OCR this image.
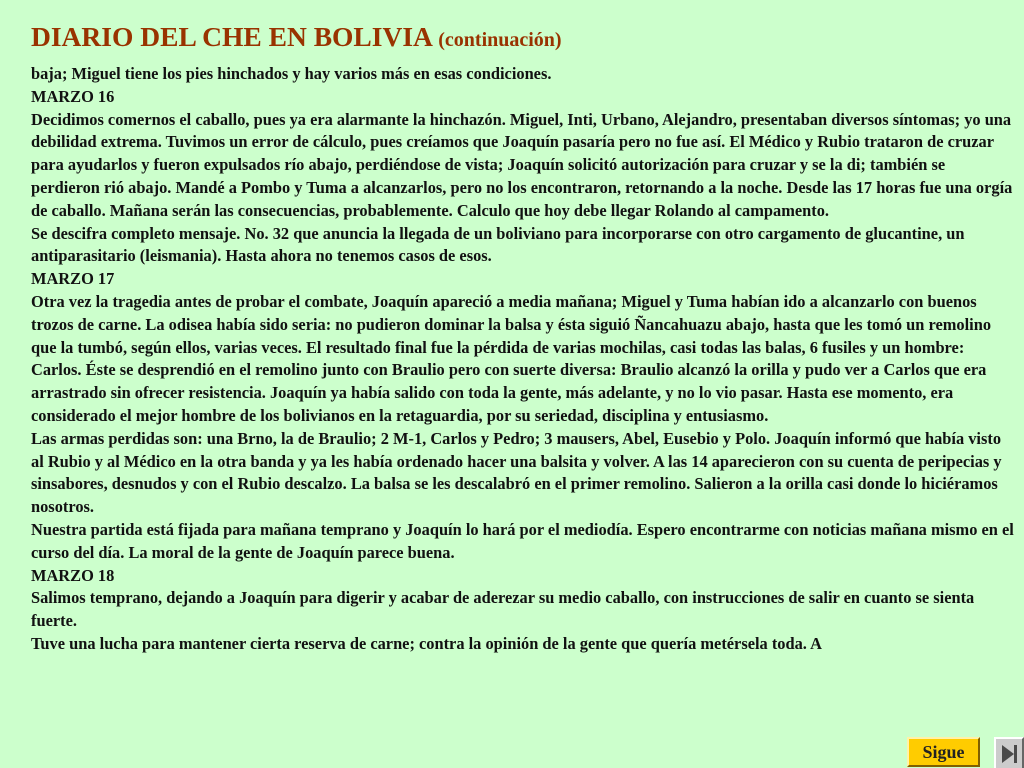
DIARIO DEL CHE EN BOLIVIA (continuación)

baja; Miguel tiene los pies hinchados y hay varios más en esas condiciones.

MARZO 16

Decidimos comernos el caballo, pues ya era alarmante la hinchazón. Miguel, Inti, Urbano, Alejandro, presentaban diversos síntomas; yo una debilidad extrema. Tuvimos un error de cálculo, pues creíamos que Joaquín pasaría pero no fue así. El Médico y Rubio trataron de cruzar para ayudarlos y fueron expulsados río abajo, perdiéndose de vista; Joaquín solicitó autorización para cruzar y se la di; también se perdieron rió abajo. Mandé a Pombo y Tuma a alcanzarlos, pero no los encontraron, retornando a la noche. Desde las 17 horas fue una orgía de caballo. Mañana serán las consecuencias, probablemente. Calculo que hoy debe llegar Rolando al campamento.

Se descifra completo mensaje. No. 32 que anuncia la llegada de un boliviano para incorporarse con otro cargamento de glucantine, un antiparasitario (leismania). Hasta ahora no tenemos casos de esos.

MARZO 17

Otra vez la tragedia antes de probar el combate, Joaquín apareció a media mañana; Miguel y Tuma habían ido a alcanzarlo con buenos trozos de carne. La odisea había sido seria: no pudieron dominar la balsa y ésta siguió Ñancahuazu abajo, hasta que les tomó un remolino que la tumbó, según ellos, varias veces. El resultado final fue la pérdida de varias mochilas, casi todas las balas, 6 fusiles y un hombre: Carlos. Éste se desprendió en el remolino junto con Braulio pero con suerte diversa: Braulio alcanzó la orilla y pudo ver a Carlos que era arrastrado sin ofrecer resistencia. Joaquín ya había salido con toda la gente, más adelante, y no lo vio pasar. Hasta ese momento, era considerado el mejor hombre de los bolivianos en la retaguardia, por su seriedad, disciplina y entusiasmo.

Las armas perdidas son: una Brno, la de Braulio; 2 M-1, Carlos y Pedro; 3 mausers, Abel, Eusebio y Polo. Joaquín informó que había visto al Rubio y al Médico en la otra banda y ya les había ordenado hacer una balsita y volver. A las 14 aparecieron con su cuenta de peripecias y sinsabores, desnudos y con el Rubio descalzo. La balsa se les descalabró en el primer remolino. Salieron a la orilla casi donde lo hiciéramos nosotros.

Nuestra partida está fijada para mañana temprano y Joaquín lo hará por el mediodía. Espero encontrarme con noticias mañana mismo en el curso del día. La moral de la gente de Joaquín parece buena.

MARZO 18

Salimos temprano, dejando a Joaquín para digerir y acabar de aderezar su medio caballo, con instrucciones de salir en cuanto se sienta fuerte.

Tuve una lucha para mantener cierta reserva de carne; contra la opinión de la gente que quería metérsela toda. A

Sigue
